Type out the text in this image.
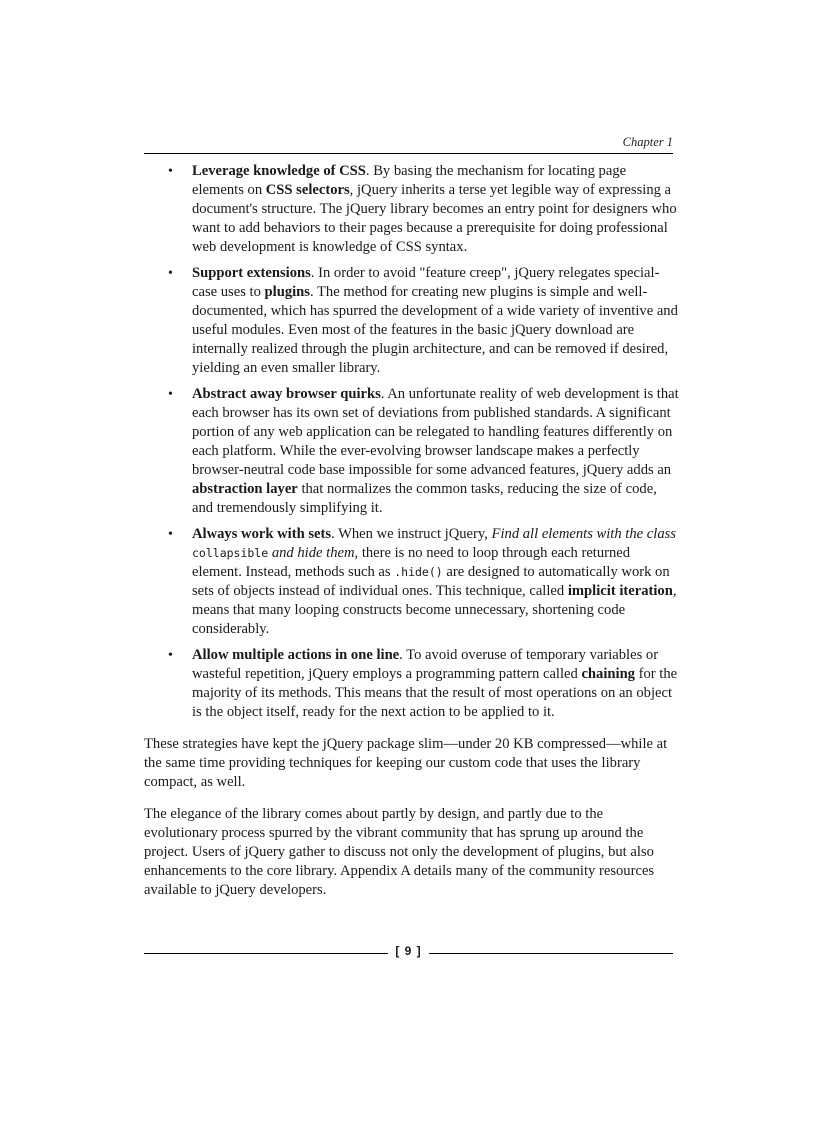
Chapter 1
• Leverage knowledge of CSS. By basing the mechanism for locating page elements on CSS selectors, jQuery inherits a terse yet legible way of expressing a document's structure. The jQuery library becomes an entry point for designers who want to add behaviors to their pages because a prerequisite for doing professional web development is knowledge of CSS syntax.
• Support extensions. In order to avoid "feature creep", jQuery relegates special-case uses to plugins. The method for creating new plugins is simple and well-documented, which has spurred the development of a wide variety of inventive and useful modules. Even most of the features in the basic jQuery download are internally realized through the plugin architecture, and can be removed if desired, yielding an even smaller library.
• Abstract away browser quirks. An unfortunate reality of web development is that each browser has its own set of deviations from published standards. A significant portion of any web application can be relegated to handling features differently on each platform. While the ever-evolving browser landscape makes a perfectly browser-neutral code base impossible for some advanced features, jQuery adds an abstraction layer that normalizes the common tasks, reducing the size of code, and tremendously simplifying it.
• Always work with sets. When we instruct jQuery, Find all elements with the class collapsible and hide them, there is no need to loop through each returned element. Instead, methods such as .hide() are designed to automatically work on sets of objects instead of individual ones. This technique, called implicit iteration, means that many looping constructs become unnecessary, shortening code considerably.
• Allow multiple actions in one line. To avoid overuse of temporary variables or wasteful repetition, jQuery employs a programming pattern called chaining for the majority of its methods. This means that the result of most operations on an object is the object itself, ready for the next action to be applied to it.

These strategies have kept the jQuery package slim—under 20 KB compressed—while at the same time providing techniques for keeping our custom code that uses the library compact, as well.

The elegance of the library comes about partly by design, and partly due to the evolutionary process spurred by the vibrant community that has sprung up around the project. Users of jQuery gather to discuss not only the development of plugins, but also enhancements to the core library. Appendix A details many of the community resources available to jQuery developers.

[ 9 ]
